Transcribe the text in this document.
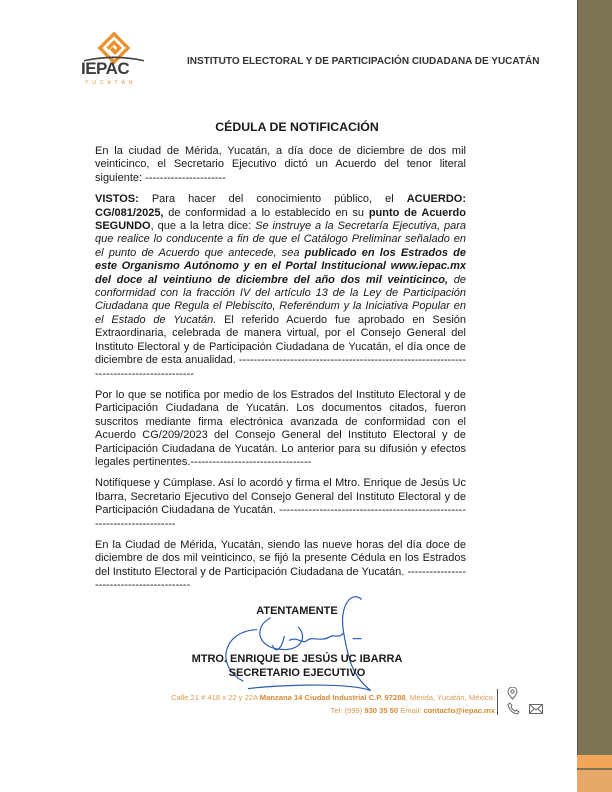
IEPAC
YUCATÁN
INSTITUTO ELECTORAL Y DE PARTICIPACIÓN CIUDADANA DE YUCATÁN
CÉDULA DE NOTIFICACIÓN
En la ciudad de Mérida, Yucatán, a día doce de diciembre de dos mil veinticinco, el Secretario Ejecutivo dictó un Acuerdo del tenor literal siguiente: ----------------------
VISTOS: Para hacer del conocimiento público, el ACUERDO: CG/081/2025, de conformidad a lo establecido en su punto de Acuerdo SEGUNDO, que a la letra dice: Se instruye a la Secretaría Ejecutiva, para que realice lo conducente a fin de que el Catálogo Preliminar señalado en el punto de Acuerdo que antecede, sea publicado en los Estrados de este Organismo Autónomo y en el Portal Institucional www.iepac.mx del doce al veintiuno de diciembre del año dos mil veinticinco, de conformidad con la fracción IV del artículo 13 de la Ley de Participación Ciudadana que Regula el Plebiscito, Referéndum y la Iniciativa Popular en el Estado de Yucatán. El referido Acuerdo fue aprobado en Sesión Extraordinaria, celebrada de manera virtual, por el Consejo General del Instituto Electoral y de Participación Ciudadana de Yucatán, el día once de diciembre de esta anualidad. -----------------------------------------------------------------------------------------
Por lo que se notifica por medio de los Estrados del Instituto Electoral y de Participación Ciudadana de Yucatán. Los documentos citados, fueron suscritos mediante firma electrónica avanzada de conformidad con el Acuerdo CG/209/2023 del Consejo General del Instituto Electoral y de Participación Ciudadana de Yucatán. Lo anterior para su difusión y efectos legales pertinentes.---------------------------------
Notifíquese y Cúmplase. Así lo acordó y firma el Mtro. Enrique de Jesús Uc Ibarra, Secretario Ejecutivo del Consejo General del Instituto Electoral y de Participación Ciudadana de Yucatán. -------------------------------------------------------------------------
En la Ciudad de Mérida, Yucatán, siendo las nueve horas del día doce de diciembre de dos mil veinticinco, se fijó la presente Cédula en los Estrados del Instituto Electoral y de Participación Ciudadana de Yucatán. ------------------------------------------
ATENTAMENTE
MTRO. ENRIQUE DE JESÚS UC IBARRA
SECRETARIO EJECUTIVO
Calle 21 # 418 x 22 y 22A Manzana 14 Ciudad Industrial C.P. 97288, Mérida, Yucatán, México.
Tel: (999) 930 35 50 Email: contacto@iepac.mx
